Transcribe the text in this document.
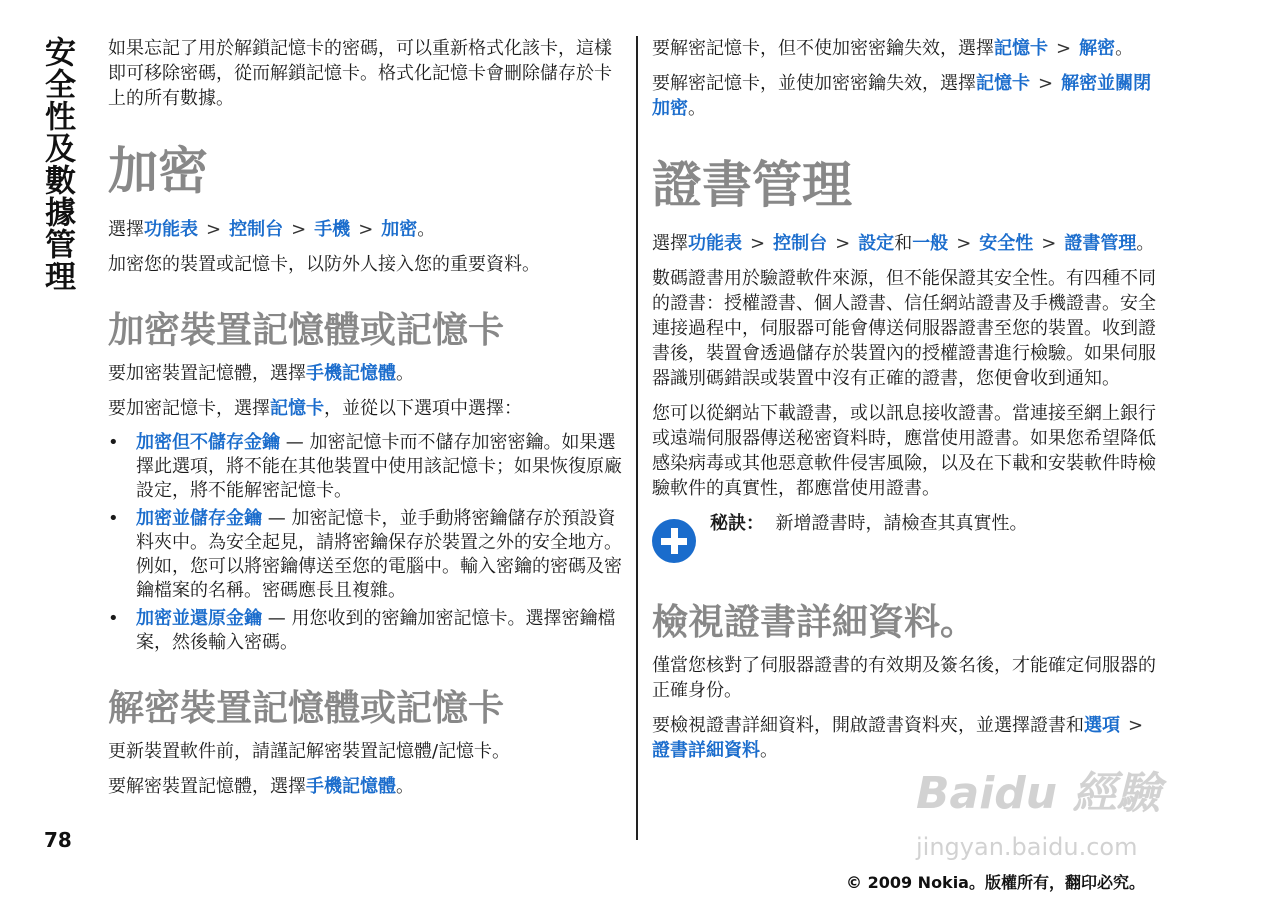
安全性及數據管理
78

如果忘記了用於解鎖記憶卡的密碼，可以重新格式化該卡，這樣即可移除密碼，從而解鎖記憶卡。格式化記憶卡會刪除儲存於卡上的所有數據。

加密

選擇功能表 > 控制台 > 手機 > 加密。

加密您的裝置或記憶卡，以防外人接入您的重要資料。

加密裝置記憶體或記憶卡

要加密裝置記憶體，選擇手機記憶體。

要加密記憶卡，選擇記憶卡，並從以下選項中選擇：

• 加密但不儲存金鑰 — 加密記憶卡而不儲存加密密鑰。如果選擇此選項，將不能在其他裝置中使用該記憶卡；如果恢復原廠設定，將不能解密記憶卡。
• 加密並儲存金鑰 — 加密記憶卡，並手動將密鑰儲存於預設資料夾中。為安全起見，請將密鑰保存於裝置之外的安全地方。例如，您可以將密鑰傳送至您的電腦中。輸入密鑰的密碼及密鑰檔案的名稱。密碼應長且複雜。
• 加密並還原金鑰 — 用您收到的密鑰加密記憶卡。選擇密鑰檔案，然後輸入密碼。
解密裝置記憶體或記憶卡

更新裝置軟件前，請謹記解密裝置記憶體/記憶卡。

要解密裝置記憶體，選擇手機記憶體。

要解密記憶卡，但不使加密密鑰失效，選擇記憶卡 > 解密。

要解密記憶卡，並使加密密鑰失效，選擇記憶卡 > 解密並關閉加密。

證書管理

選擇功能表 > 控制台 > 設定和一般 > 安全性 > 證書管理。

數碼證書用於驗證軟件來源，但不能保證其安全性。有四種不同的證書：授權證書、個人證書、信任網站證書及手機證書。安全連接過程中，伺服器可能會傳送伺服器證書至您的裝置。收到證書後，裝置會透過儲存於裝置內的授權證書進行檢驗。如果伺服器識別碼錯誤或裝置中沒有正確的證書，您便會收到通知。

您可以從網站下載證書，或以訊息接收證書。當連接至網上銀行或遠端伺服器傳送秘密資料時，應當使用證書。如果您希望降低感染病毒或其他惡意軟件侵害風險，以及在下載和安裝軟件時檢驗軟件的真實性，都應當使用證書。

秘訣： 新增證書時，請檢查其真實性。

檢視證書詳細資料。

僅當您核對了伺服器證書的有效期及簽名後，才能確定伺服器的正確身份。

要檢視證書詳細資料，開啟證書資料夾，並選擇證書和選項 >證書詳細資料。

Baidu 經驗
jingyan.baidu.com
© 2009 Nokia。版權所有，翻印必究。
